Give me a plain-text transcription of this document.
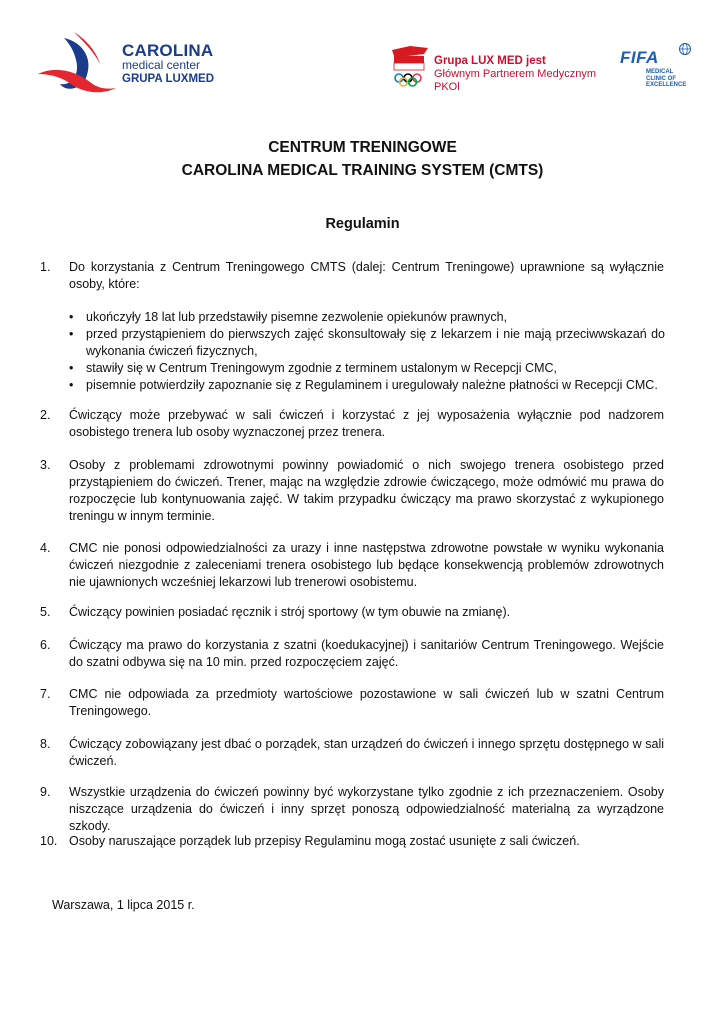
CAROLINA
medical center
GRUPA LUXMED
Grupa LUX MED jest
Głównym Partnerem Medycznym PKOl
FIFA
MEDICAL
CLINIC OF
EXCELLENCE
CENTRUM TRENINGOWE
CAROLINA MEDICAL TRAINING SYSTEM (CMTS)
Regulamin
1.	Do korzystania z Centrum Treningowego CMTS (dalej: Centrum Treningowe) uprawnione są wyłącznie osoby, które:
• ukończyły 18 lat lub przedstawiły pisemne zezwolenie opiekunów prawnych,
• przed przystąpieniem do pierwszych zajęć skonsultowały się z lekarzem i nie mają przeciwwskazań do wykonania ćwiczeń fizycznych,
• stawiły się w Centrum Treningowym zgodnie z terminem ustalonym w Recepcji CMC,
• pisemnie potwierdziły zapoznanie się z Regulaminem i uregulowały należne płatności w Recepcji CMC.
2.	Ćwiczący może przebywać w sali ćwiczeń i korzystać z jej wyposażenia wyłącznie pod nadzorem osobistego trenera lub osoby wyznaczonej przez trenera.
3.	Osoby z problemami zdrowotnymi powinny powiadomić o nich swojego trenera osobistego przed przystąpieniem do ćwiczeń. Trener, mając na względzie zdrowie ćwiczącego, może odmówić mu prawa do rozpoczęcie lub kontynuowania zajęć. W takim przypadku ćwiczący ma prawo skorzystać z wykupionego treningu w innym terminie.
4.	CMC nie ponosi odpowiedzialności za urazy i inne następstwa zdrowotne powstałe w wyniku wykonania ćwiczeń niezgodnie z zaleceniami trenera osobistego lub będące konsekwencją problemów zdrowotnych nie ujawnionych wcześniej lekarzowi lub trenerowi osobistemu.
5.	Ćwiczący powinien posiadać ręcznik i strój sportowy (w tym obuwie na zmianę).
6.	Ćwiczący ma prawo do korzystania z szatni (koedukacyjnej) i sanitariów Centrum Treningowego. Wejście do szatni odbywa się na 10 min. przed rozpoczęciem zajęć.
7.	CMC nie odpowiada za przedmioty wartościowe pozostawione w sali ćwiczeń lub w szatni Centrum Treningowego.
8.	Ćwiczący zobowiązany jest dbać o porządek, stan urządzeń do ćwiczeń i innego sprzętu dostępnego w sali ćwiczeń.
9.	Wszystkie urządzenia do ćwiczeń powinny być wykorzystane tylko zgodnie z ich przeznaczeniem. Osoby niszczące urządzenia do ćwiczeń i inny sprzęt ponoszą odpowiedzialność materialną za wyrządzone szkody.
10. Osoby naruszające porządek lub przepisy Regulaminu mogą zostać usunięte z sali ćwiczeń.
Warszawa, 1 lipca 2015 r.
